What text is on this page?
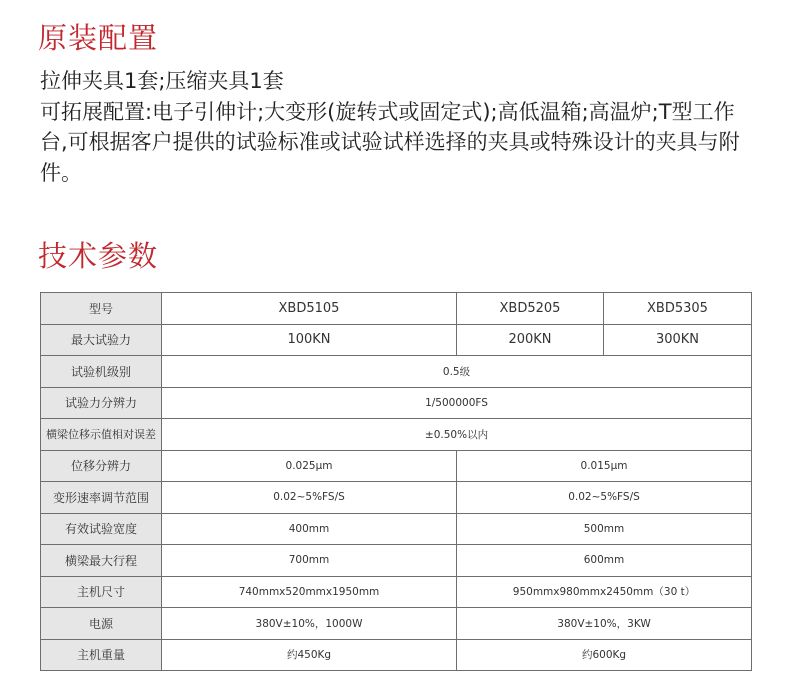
原装配置

拉伸夹具1套;压缩夹具1套

可拓展配置:电子引伸计;大变形(旋转式或固定式);高低温箱;高温炉;T型工作台,可根据客户提供的试验标准或试验试样选择的夹具或特殊设计的夹具与附件。

技术参数
型号	XBD5105	XBD5205	XBD5305
最大试验力	100KN	200KN	300KN
试验机级别	0.5级		
试验力分辨力	1/500000FS		
横梁位移示值相对误差	±0.50%以内		
位移分辨力	0.025μm	0.015μm	
变形速率调节范围	0.02~5%FS/S	0.02~5%FS/S	
有效试验宽度	400mm	500mm	
横梁最大行程	700mm	600mm	
主机尺寸	740mmx520mmx1950mm	950mmx980mmx2450mm（30 t）	
电源	380V±10%，1000W	380V±10%，3KW	
主机重量	约450Kg	约600Kg	
